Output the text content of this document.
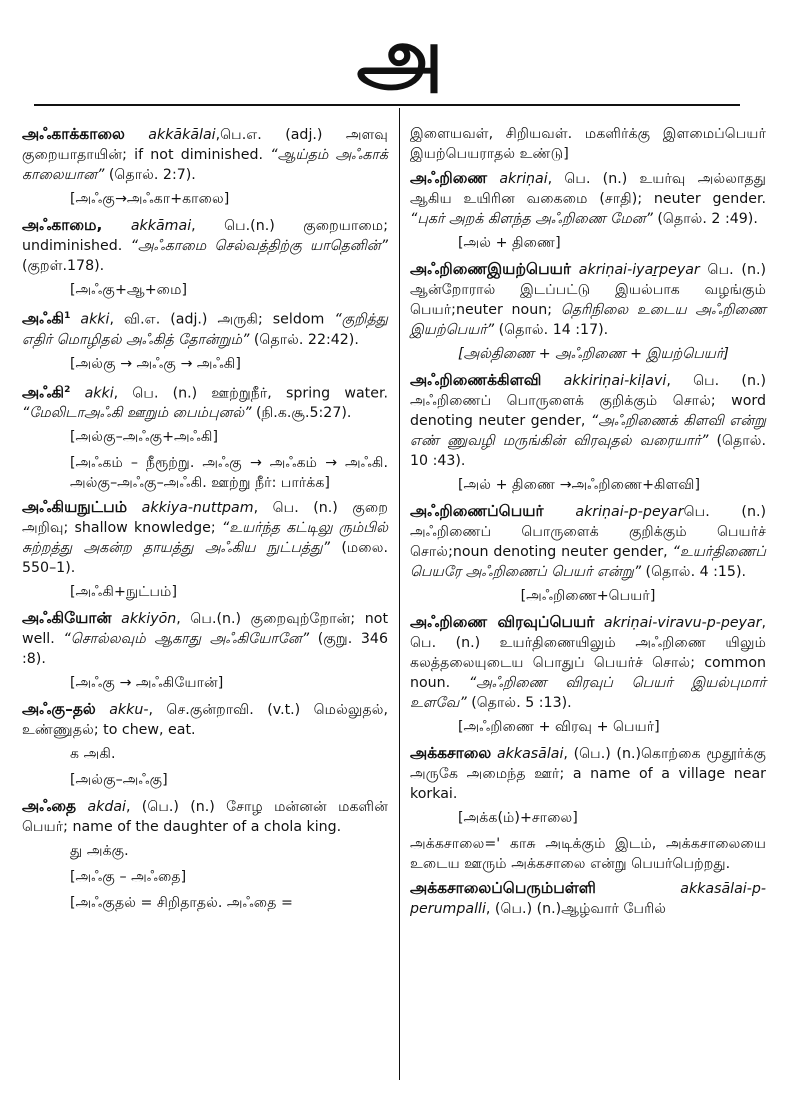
அ
அஃகாக்காலை akkākālai,பெ.எ. (adj.) அளவு குறையாதாயின்; if not diminished. “ஆய்தம் அஃகாக் காலையான” (தொல். 2:7).
[அஃகு→அஃகா+காலை]
அஃகாமை, akkāmai, பெ.(n.) குறையாமை; undiminished. “அஃகாமை செல்வத்திற்கு யாதெனின்” (குறள்.178).
[அஃகு+ஆ+மை]
அஃகி$^1$ akki, வி.எ. (adj.) அருகி; seldom “குறித்து எதிர் மொழிதல் அஃகித் தோன்றும்” (தொல். 22:42).
[அல்கு → அஃகு → அஃகி]
அஃகி$^2$ akki, பெ. (n.) ஊற்றுநீர், spring water. “மேலிடாஅஃகி ஊறும் பைம்புனல்” (நி.க.சூ.5:27).
[அல்கு–அஃகு+அஃகி]
[அஃகம் – நீரூற்று. அஃகு → அஃகம் → அஃகி. அல்கு–அஃகு–அஃகி. ஊற்று நீர்: பார்க்க]
அஃகியநுட்பம் akkiya-nuttpam, பெ. (n.) குறை அறிவு; shallow knowledge; “உயர்ந்த கட்டிலு ரும்பில் சுற்றத்து அகன்ற தாயத்து அஃகிய நுட்பத்து” (மலை. 550–1).
[அஃகி+நுட்பம்]
அஃகியோன் akkiyōn, பெ.(n.) குறைவுற்றோன்; not well. “சொல்லவும் ஆகாது அஃகியோனே” (குறு. 346 :8).
[அஃகு → அஃகியோன்]
அஃகு–தல் akku-, செ.குன்றாவி. (v.t.) மெல்லுதல், உண்ணுதல்; to chew, eat.
க அகி.
[அல்கு–அஃகு]
அஃதை akdai, (பெ.) (n.) சோழ மன்னன் மகளின் பெயர்; name of the daughter of a chola king.
து அக்கு.
[அஃகு – அஃதை]
[அஃகுதல் = சிறிதாதல். அஃதை =
இளையவள், சிறியவள். மகளிர்க்கு இளமைப்பெயர் இயற்பெயராதல் உண்டு]
அஃறிணை akriṇai, பெ. (n.) உயர்வு அல்லாதது ஆகிய உயிரின வகைமை (சாதி); neuter gender. “புகர் அறக் கிளந்த அஃறிணை மேன” (தொல். 2 :49).
[அல் + திணை]
அஃறிணைஇயற்பெயர் akriṇai-iyaṟpeyar பெ. (n.) ஆன்றோரால் இடப்பட்டு இயல்பாக வழங்கும் பெயர்;neuter noun; தெரிநிலை உடைய அஃறிணை இயற்பெயர்” (தொல். 14 :17).
[அல்திணை + அஃறிணை + இயற்பெயர்]
அஃறிணைக்கிளவி akkiriṇai-kiḷavi, பெ. (n.) அஃறிணைப் பொருளைக் குறிக்கும் சொல்; word denoting neuter gender, “அஃறிணைக் கிளவி என்று எண் ணுவழி மருங்கின் விரவுதல் வரையார்” (தொல். 10 :43).
[அல் + திணை →அஃறிணை+கிளவி]
அஃறிணைப்பெயர் akriṇai-p-peyarபெ. (n.) அஃறிணைப் பொருளைக் குறிக்கும் பெயர்ச் சொல்;noun denoting neuter gender, “உயர்திணைப் பெயரே அஃறிணைப் பெயர் என்று” (தொல். 4 :15).
[அஃறிணை+பெயர்]
அஃறிணை விரவுப்பெயர் akriṇai-viravu-p-peyar, பெ. (n.) உயர்திணையிலும் அஃறிணை யிலும் கலத்தலையுடைய பொதுப் பெயர்ச் சொல்; common noun. “அஃறிணை விரவுப் பெயர் இயல்புமார் உளவே” (தொல். 5 :13).
[அஃறிணை + விரவு + பெயர்]
அக்கசாலை akkasālai, (பெ.) (n.)கொற்கை மூதூர்க்கு அருகே அமைந்த ஊர்; a name of a village near korkai.
[அக்க(ம்)+சாலை]
அக்கசாலை=' காசு அடிக்கும் இடம், அக்கசாலையை உடைய ஊரும் அக்கசாலை என்று பெயர்பெற்றது.
அக்கசாலைப்பெரும்பள்ளி	akkasālai-p-perumpalli, (பெ.) (n.)ஆழ்வார் பேரில்
